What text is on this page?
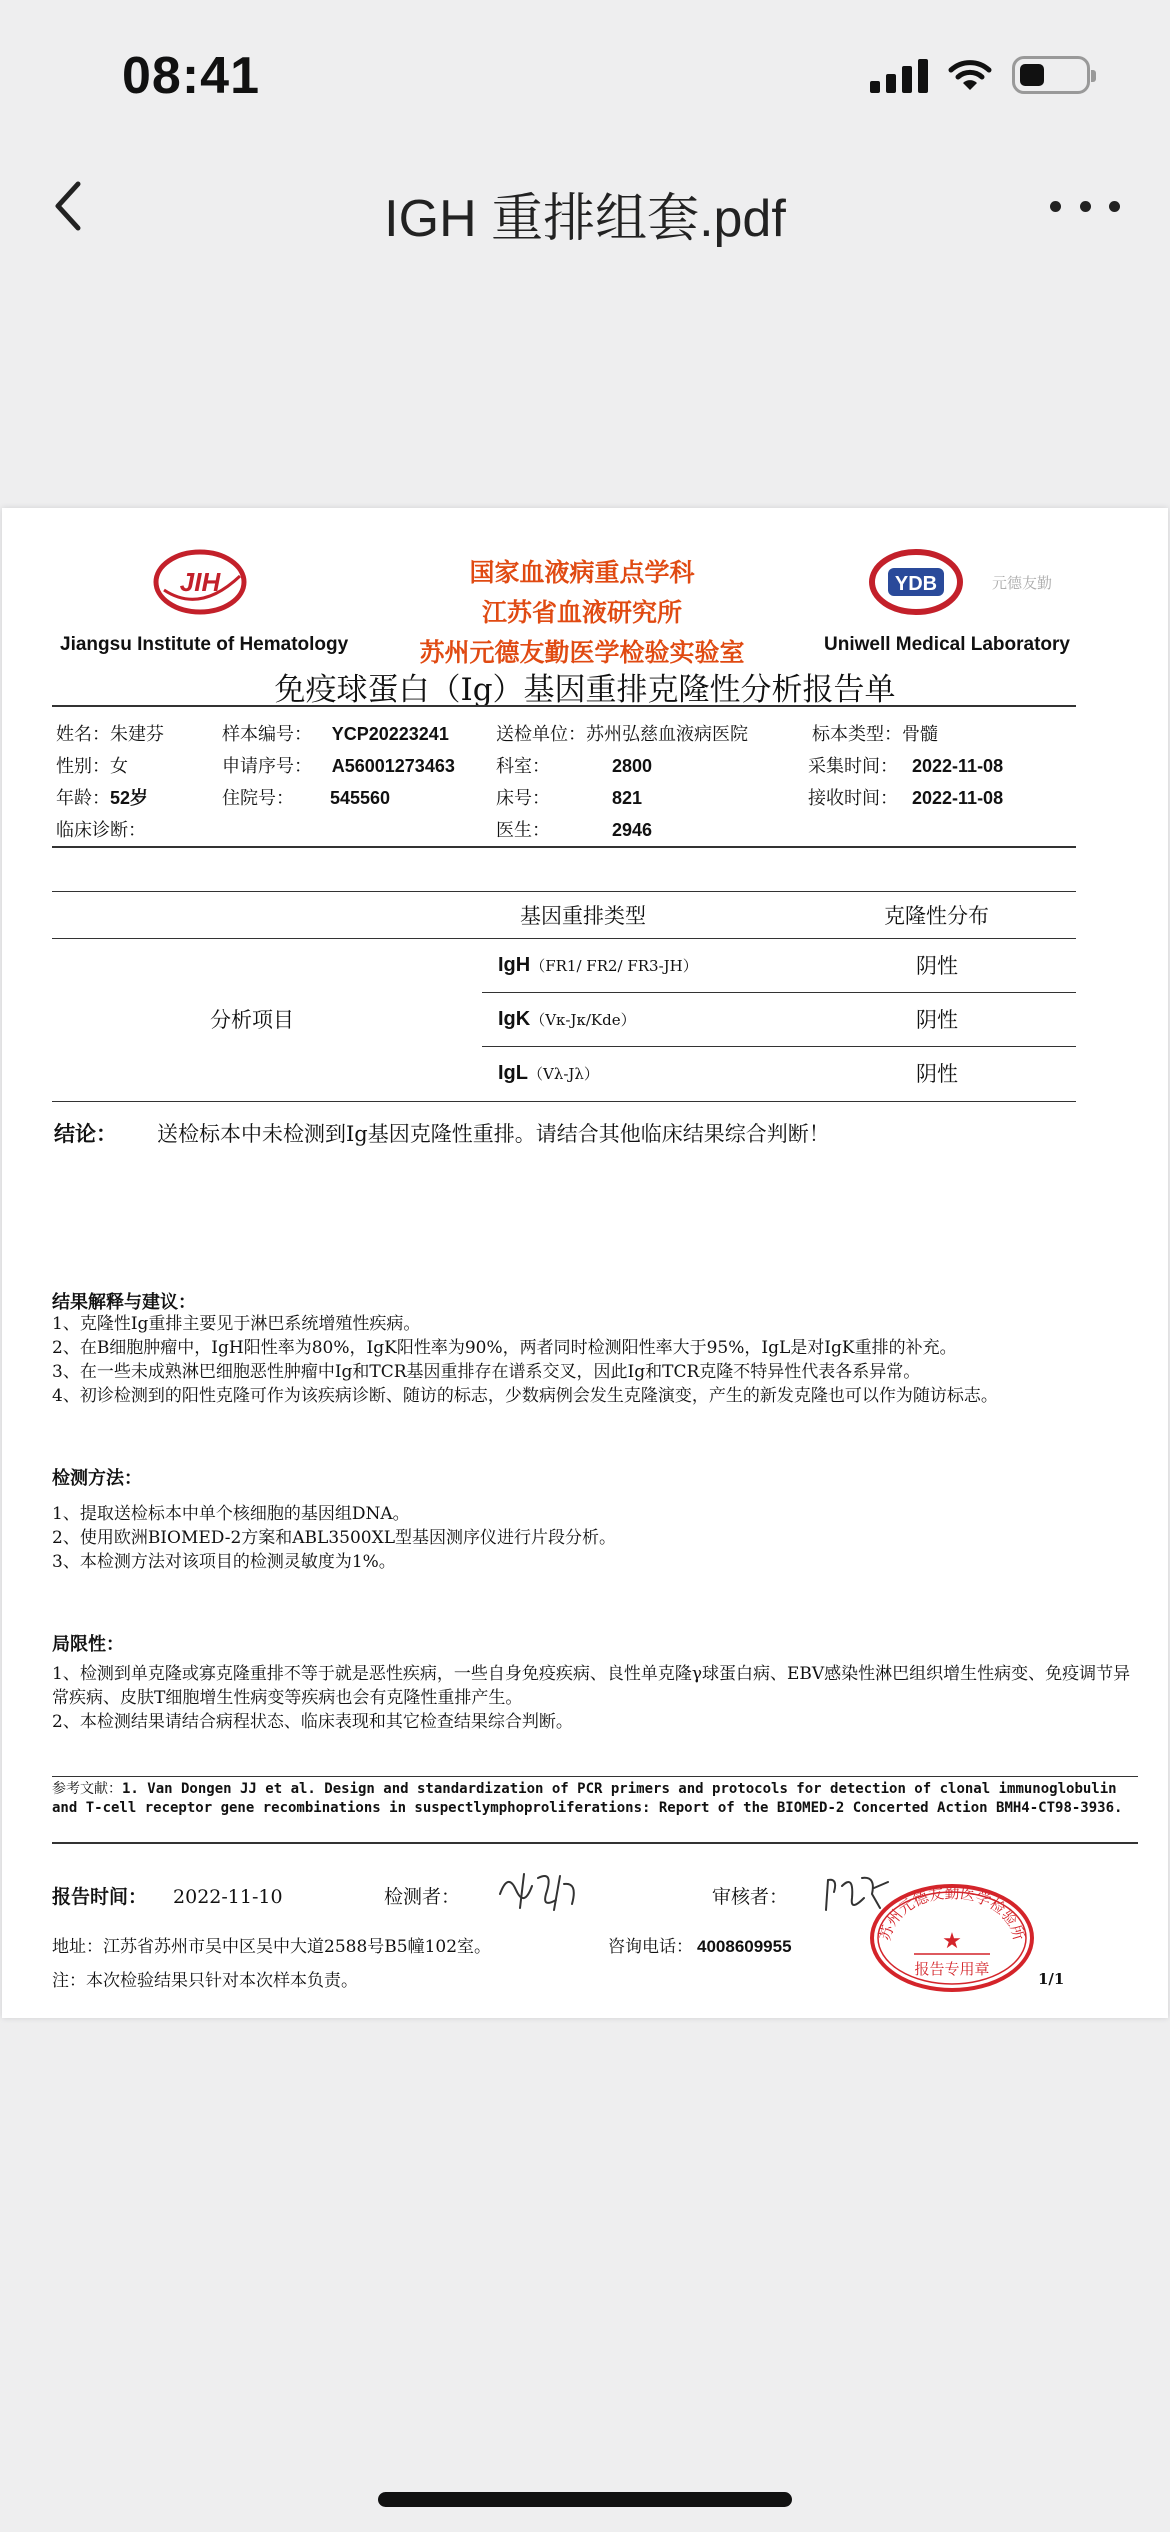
08:41
IGH 重排组套.pdf
JIH
Jiangsu Institute of Hematology
国家血液病重点学科
江苏省血液研究所
苏州元德友勤医学检验实验室
YDB	元德友勤
Uniwell Medical Laboratory
免疫球蛋白（Ig）基因重排克隆性分析报告单
姓名：朱建芬	样本编号： YCP20223241	送检单位：苏州弘慈血液病医院	标本类型：骨髓
性别：女	申请序号： A56001273463 科室：	2800	采集时间： 2022-11-08
年龄：52岁	住院号： 545560	床号：	821	接收时间： 2022-11-08
临床诊断：	医生：	2946
基因重排类型	克隆性分布
分析项目
IgH（FR1/ FR2/ FR3-JH）	阴性
IgK（Vκ-Jκ/Kde）	阴性
IgL（Vλ-Jλ）	阴性
结论： 送检标本中未检测到Ig基因克隆性重排。请结合其他临床结果综合判断！
结果解释与建议：
1、克隆性Ig重排主要见于淋巴系统增殖性疾病。
2、在B细胞肿瘤中，IgH阳性率为80%，IgK阳性率为90%，两者同时检测阳性率大于95%，IgL是对IgK重排的补充。
3、在一些未成熟淋巴细胞恶性肿瘤中Ig和TCR基因重排存在谱系交叉，因此Ig和TCR克隆不特异性代表各系异常。
4、初诊检测到的阳性克隆可作为该疾病诊断、随访的标志，少数病例会发生克隆演变，产生的新发克隆也可以作为随访标志。
检测方法：
1、提取送检标本中单个核细胞的基因组DNA。
2、使用欧洲BIOMED-2方案和ABL3500XL型基因测序仪进行片段分析。
3、本检测方法对该项目的检测灵敏度为1%。
局限性：
1、检测到单克隆或寡克隆重排不等于就是恶性疾病，一些自身免疫疾病、良性单克隆γ球蛋白病、EBV感染性淋巴组织增生性病变、免疫调节异常疾病、皮肤T细胞增生性病变等疾病也会有克隆性重排产生。
2、本检测结果请结合病程状态、临床表现和其它检查结果综合判断。
参考文献：1. Van Dongen JJ et al. Design and standardization of PCR primers and protocols for detection of clonal immunoglobulin and T-cell receptor gene recombinations in suspectlymphoproliferations: Report of the BIOMED-2 Concerted Action BMH4-CT98-3936.
报告时间： 2022-11-10	检测者：	审核者：
地址：江苏省苏州市吴中区吴中大道2588号B5幢102室。	咨询电话： 4008609955
注：本次检验结果只针对本次样本负责。
苏州元德友勤医学检验所
★
报告专用章
1/1
